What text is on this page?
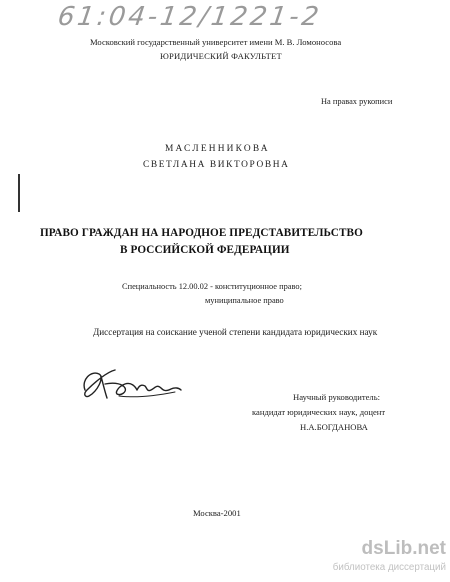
61:04-12/1221-2
Московский государственный университет имени М. В. Ломоносова
ЮРИДИЧЕСКИЙ ФАКУЛЬТЕТ
На правах рукописи
МАСЛЕННИКОВА
СВЕТЛАНА ВИКТОРОВНА
ПРАВО ГРАЖДАН НА НАРОДНОЕ ПРЕДСТАВИТЕЛЬСТВО
В РОССИЙСКОЙ ФЕДЕРАЦИИ
Специальность 12.00.02 - конституционное право;
муниципальное право
Диссертация на соискание ученой степени кандидата юридических наук
Научный руководитель:
кандидат юридических наук, доцент
Н.А.БОГДАНОВА
Москва-2001
dsLib.net
библиотека диссертаций
